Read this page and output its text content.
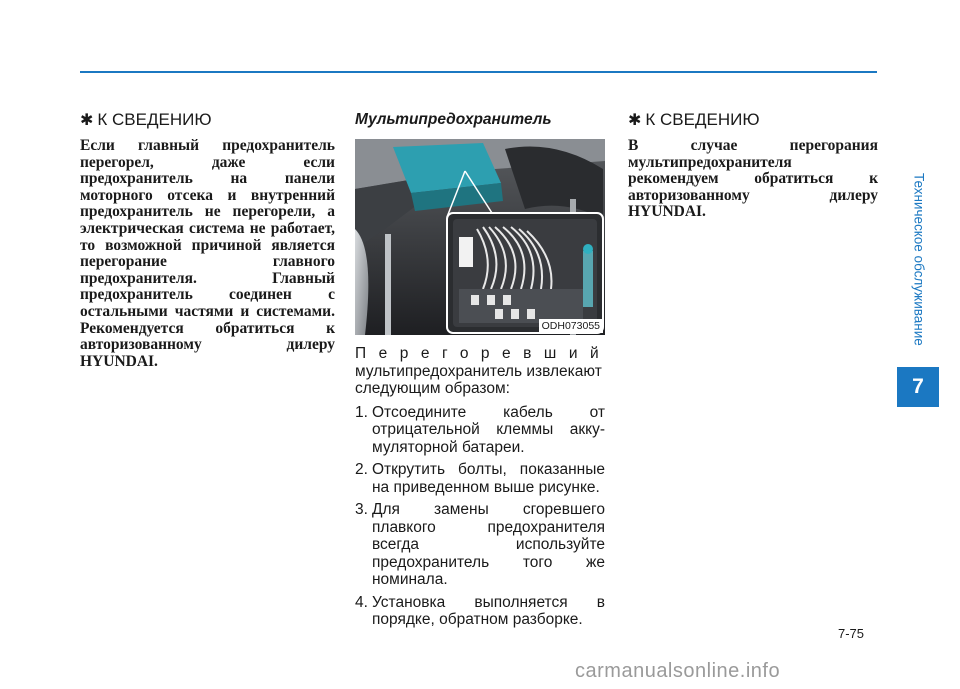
✱ К СВЕДЕНИЮ

Если главный предохранитель перегорел, даже если предохранитель на панели моторного отсека и внутренний предохранитель не перегорели, а электрическая система не работает, то возможной причиной является перегорание главного предохранителя. Главный предохранитель соединен с остальными частями и системами. Рекомендуется обратиться к авторизованному дилеру HYUNDAI.

Мультипредохранитель
ODH073055
Перегоревший
мультипредохранитель извлекают следующим образом:
1. Отсоедините кабель от отрицательной клеммы акку-муляторной батареи.
2. Открутить болты, показанные на приведенном выше рисунке.
3. Для замены сгоревшего плавкого предохранителя всегда используйте предохранитель того же номинала.
4. Установка выполняется в порядке, обратном разборке.
✱ К СВЕДЕНИЮ

В случае перегорания мультипредохранителя рекомендуем обратиться к авторизованному дилеру HYUNDAI.	Техническое обслуживание
7
7-75
carmanualsonline.info
